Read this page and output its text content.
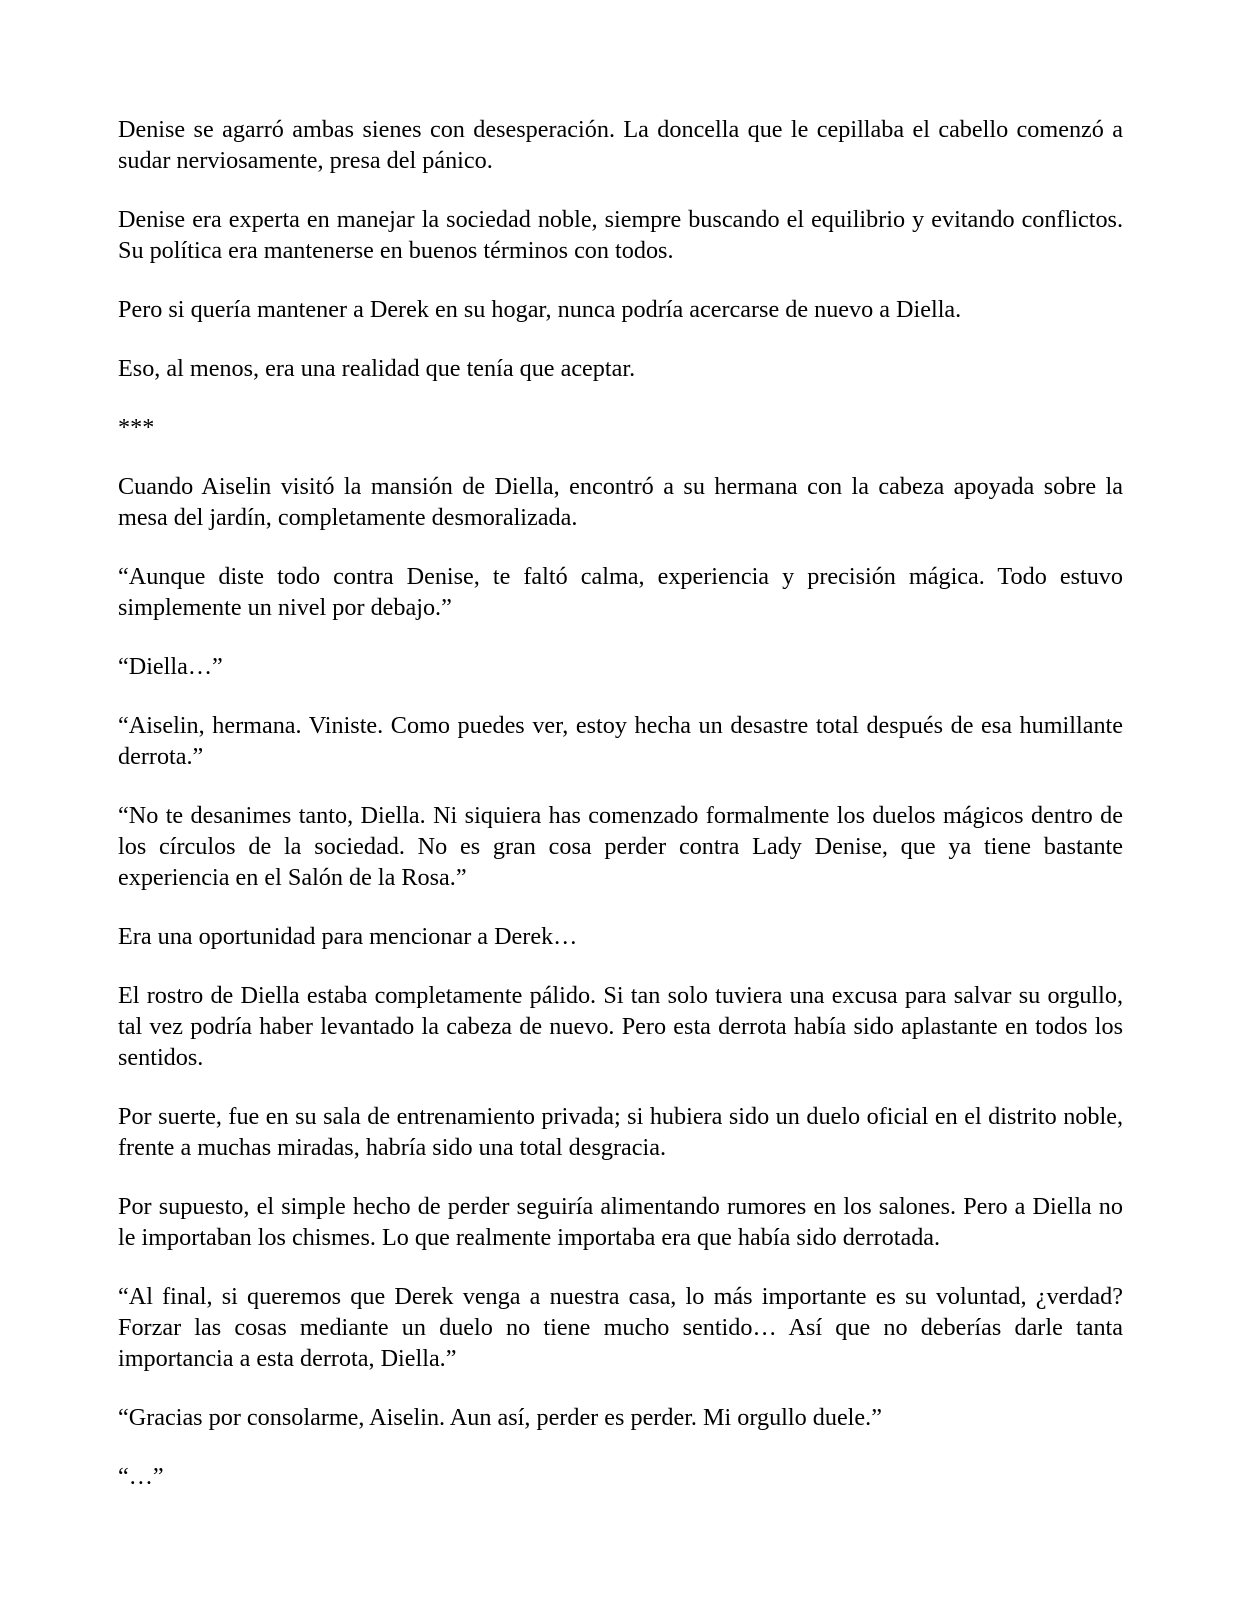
Denise se agarró ambas sienes con desesperación. La doncella que le cepillaba el cabello comenzó a sudar nerviosamente, presa del pánico.

Denise era experta en manejar la sociedad noble, siempre buscando el equilibrio y evitando conflictos. Su política era mantenerse en buenos términos con todos.

Pero si quería mantener a Derek en su hogar, nunca podría acercarse de nuevo a Diella.

Eso, al menos, era una realidad que tenía que aceptar.

***

Cuando Aiselin visitó la mansión de Diella, encontró a su hermana con la cabeza apoyada sobre la mesa del jardín, completamente desmoralizada.

“Aunque diste todo contra Denise, te faltó calma, experiencia y precisión mágica. Todo estuvo simplemente un nivel por debajo.”

“Diella…”

“Aiselin, hermana. Viniste. Como puedes ver, estoy hecha un desastre total después de esa humillante derrota.”

“No te desanimes tanto, Diella. Ni siquiera has comenzado formalmente los duelos mágicos dentro de los círculos de la sociedad. No es gran cosa perder contra Lady Denise, que ya tiene bastante experiencia en el Salón de la Rosa.”

Era una oportunidad para mencionar a Derek…

El rostro de Diella estaba completamente pálido. Si tan solo tuviera una excusa para salvar su orgullo, tal vez podría haber levantado la cabeza de nuevo. Pero esta derrota había sido aplastante en todos los sentidos.

Por suerte, fue en su sala de entrenamiento privada; si hubiera sido un duelo oficial en el distrito noble, frente a muchas miradas, habría sido una total desgracia.

Por supuesto, el simple hecho de perder seguiría alimentando rumores en los salones. Pero a Diella no le importaban los chismes. Lo que realmente importaba era que había sido derrotada.

“Al final, si queremos que Derek venga a nuestra casa, lo más importante es su voluntad, ¿verdad? Forzar las cosas mediante un duelo no tiene mucho sentido… Así que no deberías darle tanta importancia a esta derrota, Diella.”

“Gracias por consolarme, Aiselin. Aun así, perder es perder. Mi orgullo duele.”

“…”
